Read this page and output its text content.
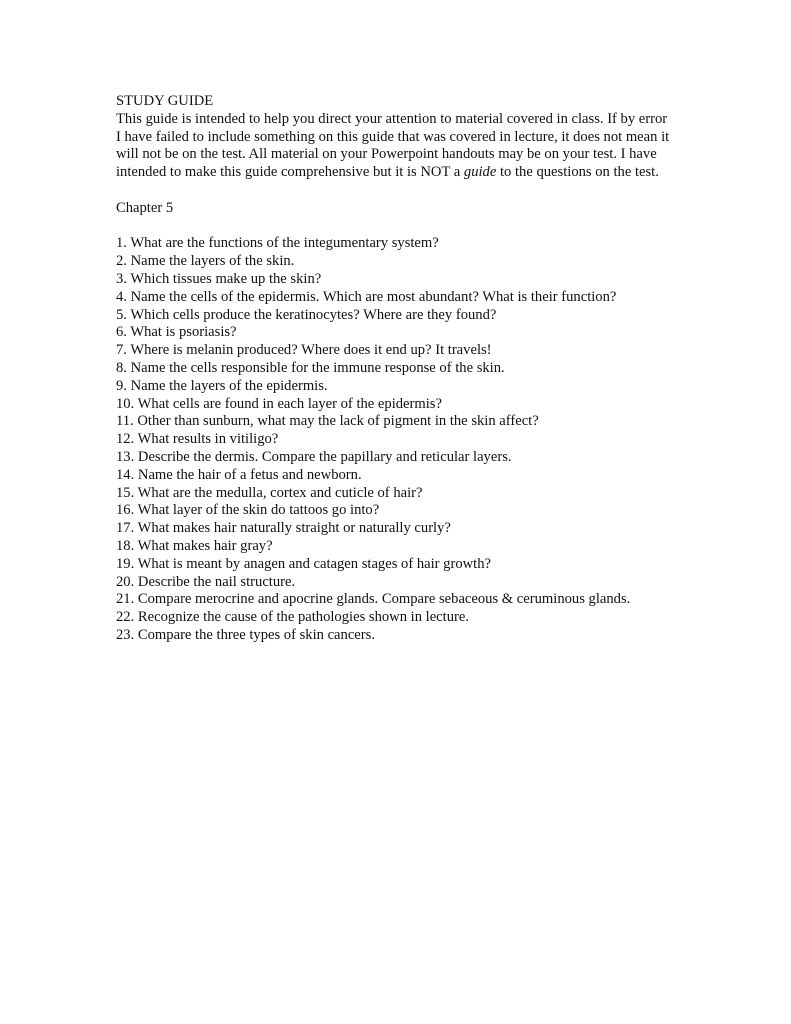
STUDY GUIDE

This guide is intended to help you direct your attention to material covered in class. If by error I have failed to include something on this guide that was covered in lecture, it does not mean it will not be on the test. All material on your Powerpoint handouts may be on your test. I have intended to make this guide comprehensive but it is NOT a guide to the questions on the test.

Chapter 5

1. What are the functions of the integumentary system?
2. Name the layers of the skin.
3. Which tissues make up the skin?
4. Name the cells of the epidermis. Which are most abundant? What is their function?
5. Which cells produce the keratinocytes? Where are they found?
6. What is psoriasis?
7. Where is melanin produced? Where does it end up? It travels!
8. Name the cells responsible for the immune response of the skin.
9. Name the layers of the epidermis.
10. What cells are found in each layer of the epidermis?
11. Other than sunburn, what may the lack of pigment in the skin affect?
12. What results in vitiligo?
13. Describe the dermis. Compare the papillary and reticular layers.
14. Name the hair of a fetus and newborn.
15. What are the medulla, cortex and cuticle of hair?
16. What layer of the skin do tattoos go into?
17. What makes hair naturally straight or naturally curly?
18. What makes hair gray?
19. What is meant by anagen and catagen stages of hair growth?
20. Describe the nail structure.
21. Compare merocrine and apocrine glands. Compare sebaceous & ceruminous glands.
22. Recognize the cause of the pathologies shown in lecture.
23. Compare the three types of skin cancers.
